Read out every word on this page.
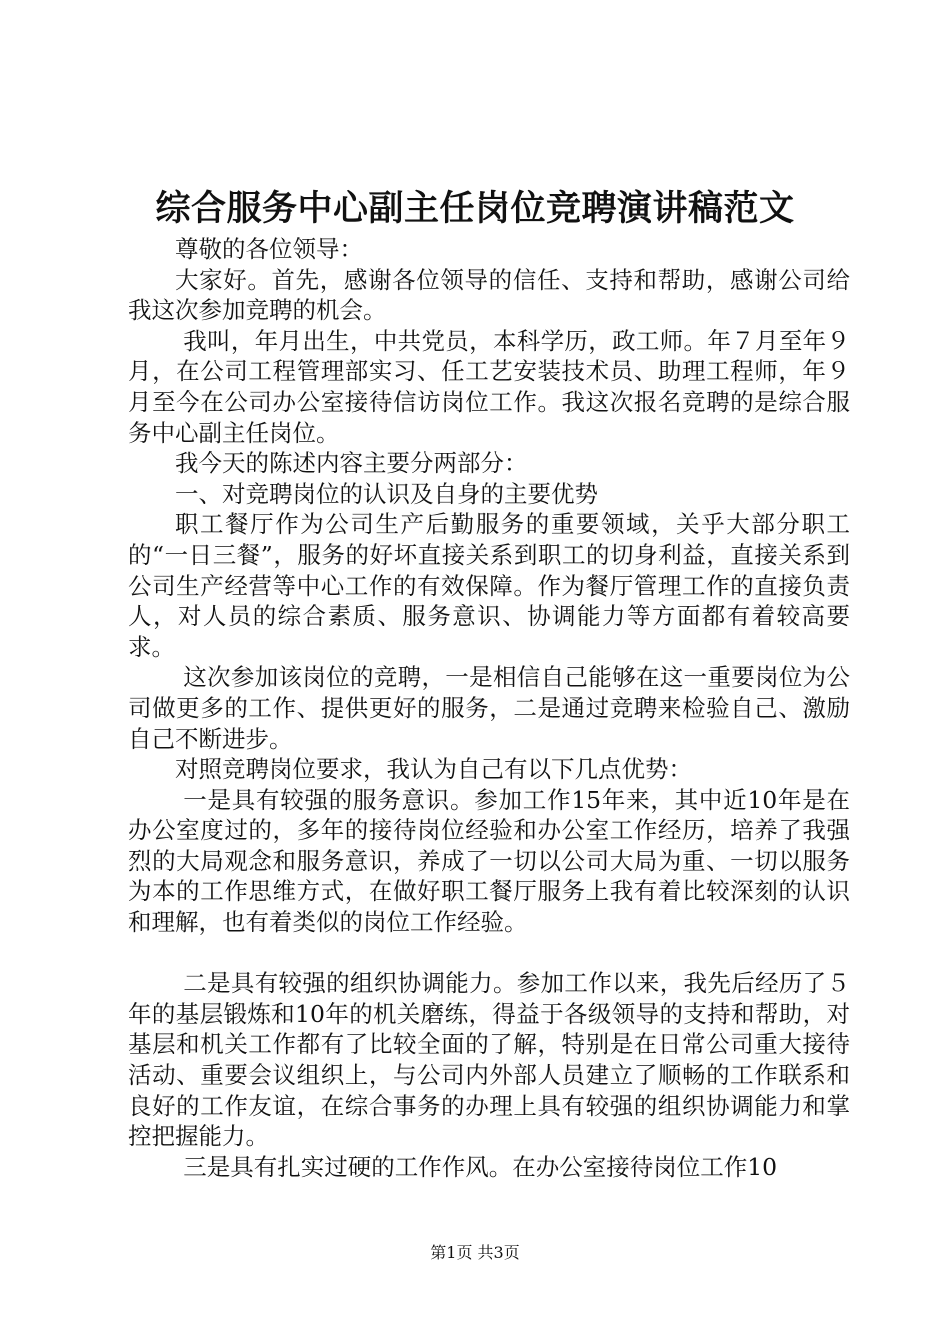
综合服务中心副主任岗位竞聘演讲稿范文

尊敬的各位领导：

大家好。首先，感谢各位领导的信任、支持和帮助，感谢公司给我这次参加竞聘的机会。

我叫，年月出生，中共党员，本科学历，政工师。年７月至年９月，在公司工程管理部实习、任工艺安装技术员、助理工程师，年９月至今在公司办公室接待信访岗位工作。我这次报名竞聘的是综合服务中心副主任岗位。

我今天的陈述内容主要分两部分：

一、对竞聘岗位的认识及自身的主要优势

职工餐厅作为公司生产后勤服务的重要领域，关乎大部分职工的“一日三餐”，服务的好坏直接关系到职工的切身利益，直接关系到公司生产经营等中心工作的有效保障。作为餐厅管理工作的直接负责人，对人员的综合素质、服务意识、协调能力等方面都有着较高要求。

这次参加该岗位的竞聘，一是相信自己能够在这一重要岗位为公司做更多的工作、提供更好的服务，二是通过竞聘来检验自己、激励自己不断进步。

对照竞聘岗位要求，我认为自己有以下几点优势：

一是具有较强的服务意识。参加工作15年来，其中近10年是在办公室度过的，多年的接待岗位经验和办公室工作经历，培养了我强烈的大局观念和服务意识，养成了一切以公司大局为重、一切以服务为本的工作思维方式，在做好职工餐厅服务上我有着比较深刻的认识和理解，也有着类似的岗位工作经验。

二是具有较强的组织协调能力。参加工作以来，我先后经历了５年的基层锻炼和10年的机关磨练，得益于各级领导的支持和帮助，对基层和机关工作都有了比较全面的了解，特别是在日常公司重大接待活动、重要会议组织上，与公司内外部人员建立了顺畅的工作联系和良好的工作友谊，在综合事务的办理上具有较强的组织协调能力和掌控把握能力。

三是具有扎实过硬的工作作风。在办公室接待岗位工作10

第1页 共3页
